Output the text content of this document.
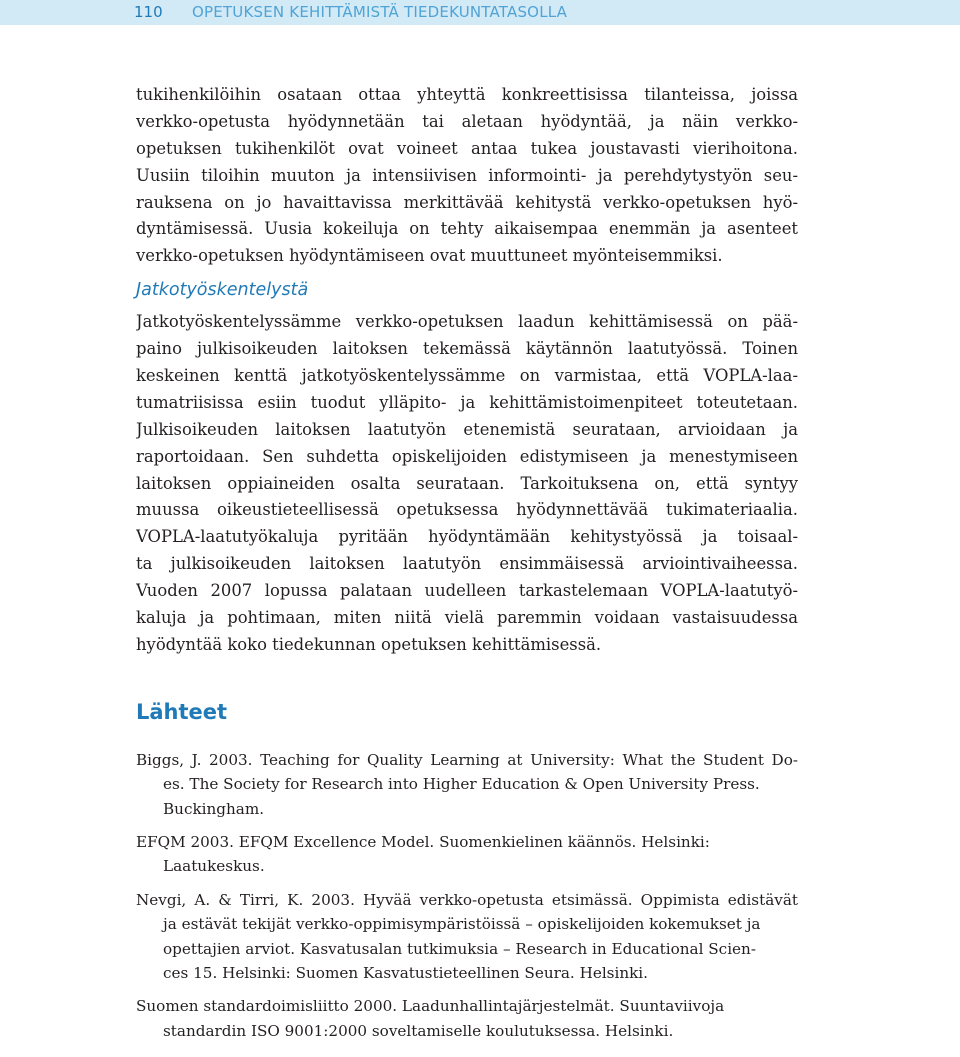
110 OPETUKSEN KEHITTÄMISTÄ TIEDEKUNTATASOLLA
tukihenkilöihin osataan ottaa yhteyttä konkreettisissa tilanteissa, joissa
verkko-opetusta hyödynnetään tai aletaan hyödyntää, ja näin verkko-
opetuksen tukihenkilöt ovat voineet antaa tukea joustavasti vierihoitona.
Uusiin tiloihin muuton ja intensiivisen informointi- ja perehdytystyön seu-
rauksena on jo havaittavissa merkittävää kehitystä verkko-opetuksen hyö-
dyntämisessä. Uusia kokeiluja on tehty aikaisempaa enemmän ja asenteet
verkko-opetuksen hyödyntämiseen ovat muuttuneet myönteisemmiksi.
Jatkotyöskentelystä
Jatkotyöskentelyssämme verkko-opetuksen laadun kehittämisessä on pää-
paino julkisoikeuden laitoksen tekemässä käytännön laatutyössä. Toinen
keskeinen kenttä jatkotyöskentelyssämme on varmistaa, että VOPLA-laa-
tumatriisissa esiin tuodut ylläpito- ja kehittämistoimenpiteet toteutetaan.
Julkisoikeuden laitoksen laatutyön etenemistä seurataan, arvioidaan ja
raportoidaan. Sen suhdetta opiskelijoiden edistymiseen ja menestymiseen
laitoksen oppiaineiden osalta seurataan. Tarkoituksena on, että syntyy
muussa oikeustieteellisessä opetuksessa hyödynnettävää tukimateriaalia.
VOPLA-laatutyökaluja pyritään hyödyntämään kehitystyössä ja toisaal-
ta julkisoikeuden laitoksen laatutyön ensimmäisessä arviointivaiheessa.
Vuoden 2007 lopussa palataan uudelleen tarkastelemaan VOPLA-laatutyö-
kaluja ja pohtimaan, miten niitä vielä paremmin voidaan vastaisuudessa
hyödyntää koko tiedekunnan opetuksen kehittämisessä.
Lähteet
Biggs, J. 2003. Teaching for Quality Learning at University: What the Student Do-
es. The Society for Research into Higher Education & Open University Press.
Buckingham.
EFQM 2003. EFQM Excellence Model. Suomenkielinen käännös. Helsinki:
Laatukeskus.
Nevgi, A. & Tirri, K. 2003. Hyvää verkko-opetusta etsimässä. Oppimista edistävät
ja estävät tekijät verkko-oppimisympäristöissä – opiskelijoiden kokemukset ja
opettajien arviot. Kasvatusalan tutkimuksia – Research in Educational Scien-
ces 15. Helsinki: Suomen Kasvatustieteellinen Seura. Helsinki.
Suomen standardoimisliitto 2000. Laadunhallintajärjestelmät. Suuntaviivoja
standardin ISO 9001:2000 soveltamiselle koulutuksessa. Helsinki.
